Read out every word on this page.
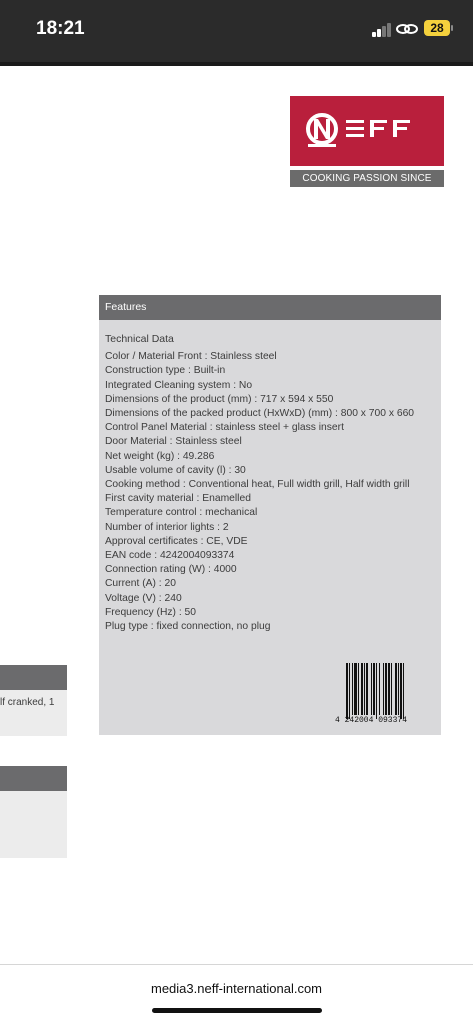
18:21	28
COOKING PASSION SINCE 1877
Features
Technical Data
Color / Material Front : Stainless steel
Construction type : Built-in
Integrated Cleaning system : No
Dimensions of the product (mm) : 717 x 594 x 550
Dimensions of the packed product (HxWxD) (mm) : 800 x 700 x 660
Control Panel Material : stainless steel + glass insert
Door Material : Stainless steel
Net weight (kg) : 49.286
Usable volume of cavity (l) : 30
Cooking method : Conventional heat, Full width grill, Half width grill
First cavity material : Enamelled
Temperature control : mechanical
Number of interior lights : 2
Approval certificates : CE, VDE
EAN code : 4242004093374
Connection rating (W) : 4000
Current (A) : 20
Voltage (V) : 240
Frequency (Hz) : 50
Plug type : fixed connection, no plug
4 242004 093374
lf cranked, 1
media3.neff-international.com
